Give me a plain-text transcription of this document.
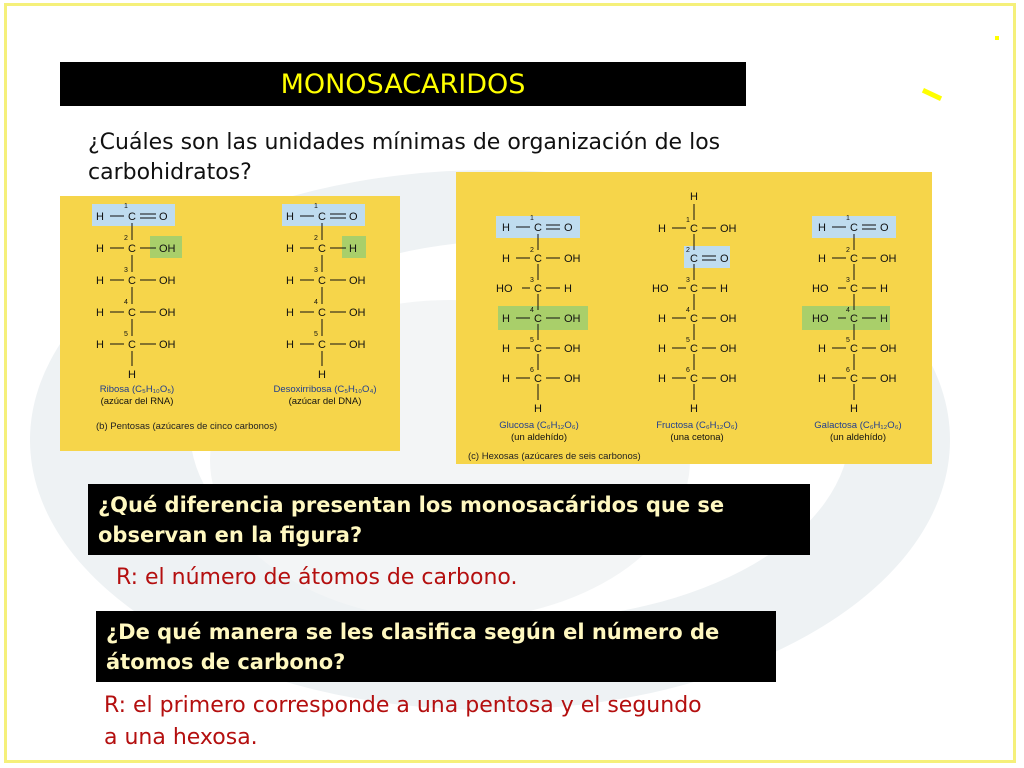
MONOSACARIDOS
¿Cuáles son las unidades mínimas de organización de los carbohidratos?
H C O
H C OH
H C OH
H C OH
H C OH
H
H C O
H C H
H C OH
H C OH
H C OH
H
1
2
3
4
5
1
2
3
4
5
Ribosa (C₅H₁₀O₅)
(azúcar del RNA)
Desoxirribosa (C₅H₁₀O₄)
(azúcar del DNA)
(b) Pentosas (azúcares de cinco carbonos)
H C O
H C OH
HO C H
H C OH
H C OH
H C OH
H
H
H C OH
C O
HO C H
H C OH
H C OH
H C OH
H
H C O
H C OH
HO C H
HO C H
H C OH
H C OH
H
1
2
3
4
5
6
1
2
3
4
5
6
1
2
3
4
5
6
Glucosa (C₆H₁₂O₆)
(un aldehído)
Fructosa (C₆H₁₂O₆)
(una cetona)
Galactosa (C₆H₁₂O₆)
(un aldehído)
(c) Hexosas (azúcares de seis carbonos)
¿Qué diferencia presentan los monosacáridos que se observan en la figura?
R: el número de átomos de carbono.
¿De qué manera se les clasifica según el número de átomos de carbono?
R: el primero corresponde a una pentosa y el segundo a una hexosa.
